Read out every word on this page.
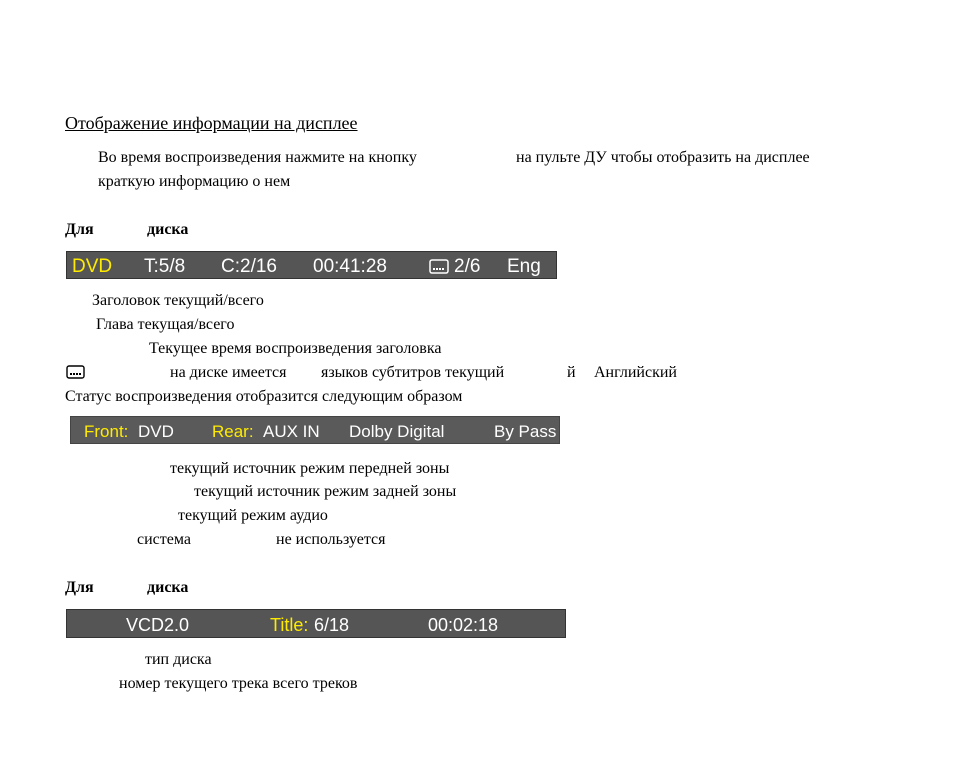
Отображение информации на дисплее
Во время воспроизведения нажмите на кнопку	на пульте ДУ чтобы отобразить на дисплее
краткую информацию о нем
Для	диска
DVD T:5/8 C:2/16 00:41:28	2/6 Eng
Заголовок текущий/всего
Глава текущая/всего
Текущее время воспроизведения заголовка
на диске имеется языков субтитров текущий	й Английский
Статус воспроизведения отобразится следующим образом
Front: DVD Rear: AUX IN Dolby Digital	By Pass
текущий источник режим передней зоны
текущий источник режим задней зоны
текущий режим аудио
система	не используется
Для	диска
VCD2.0	Title: 6/18	00:02:18
тип диска
номер текущего трека всего треков
